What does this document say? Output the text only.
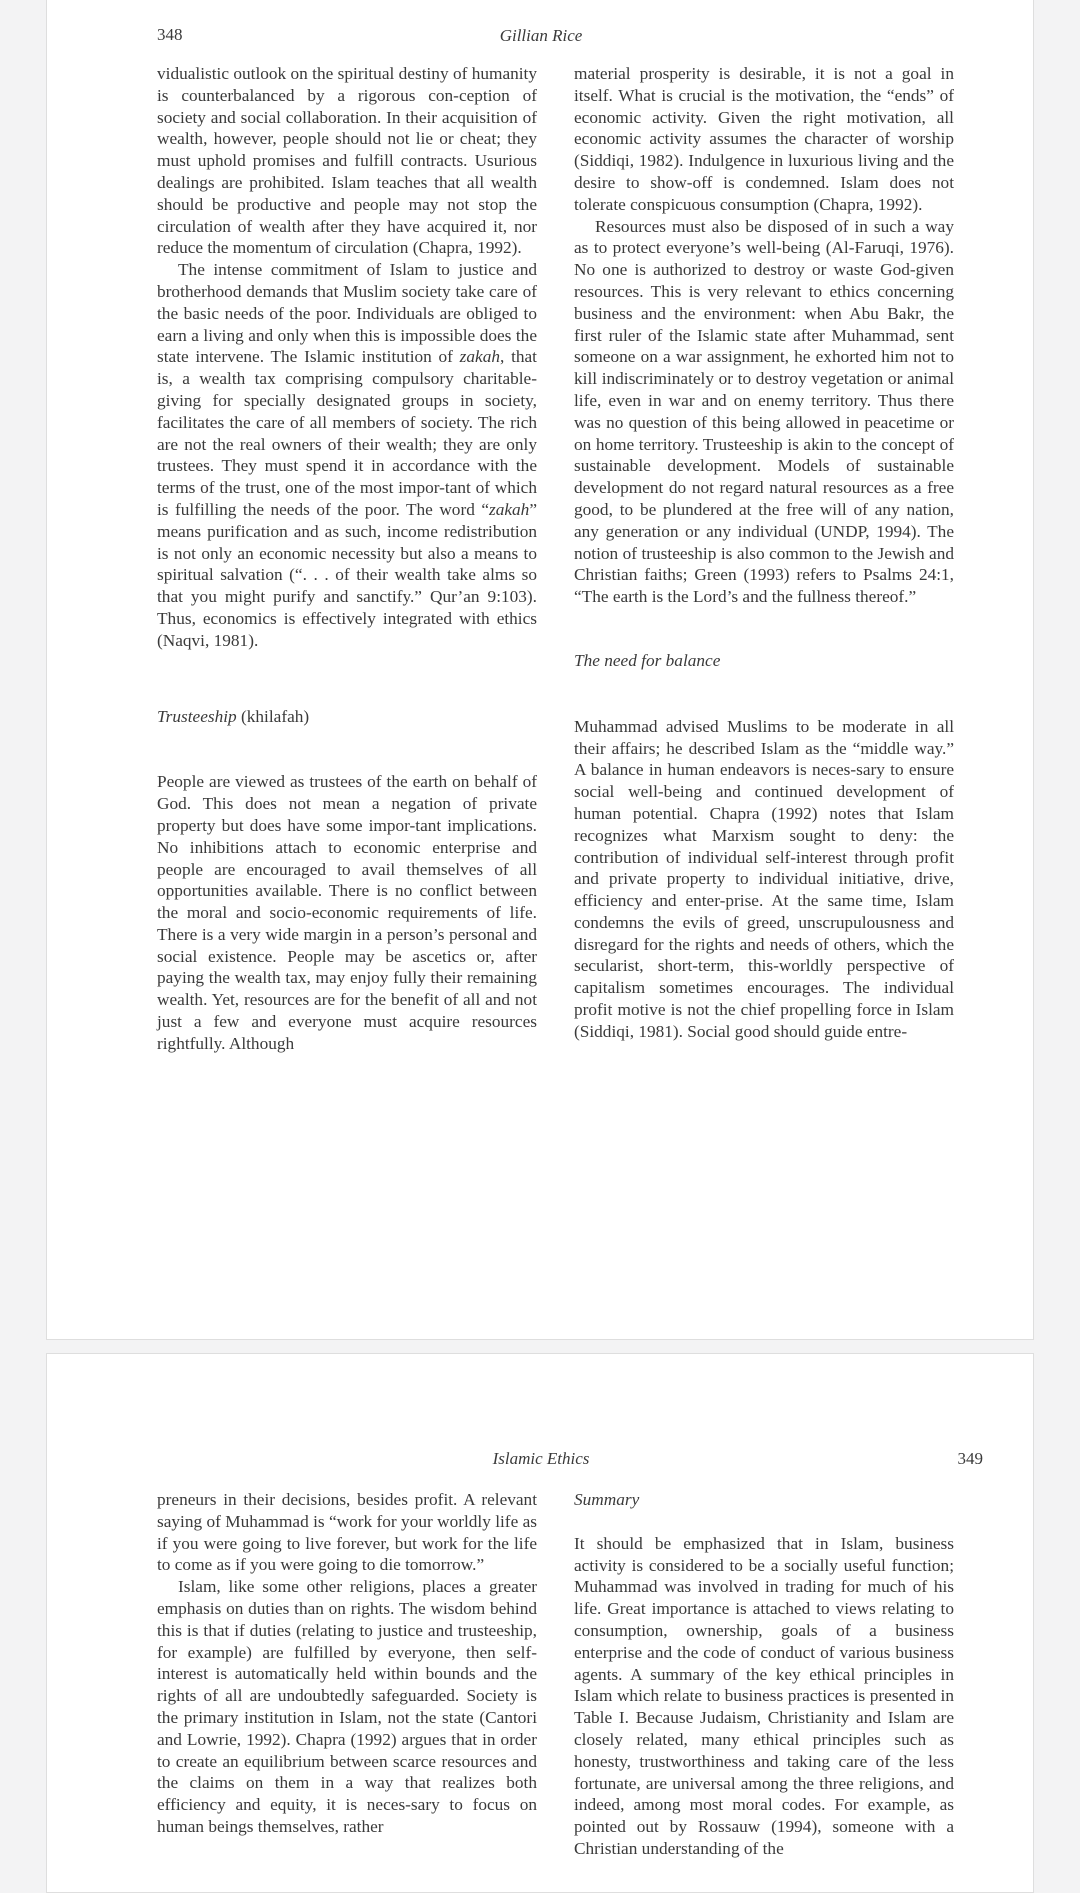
348	Gillian Rice

vidualistic outlook on the spiritual destiny of humanity is counterbalanced by a rigorous con-ception of society and social collaboration. In their acquisition of wealth, however, people should not lie or cheat; they must uphold promises and fulfill contracts. Usurious dealings are prohibited. Islam teaches that all wealth should be productive and people may not stop the circulation of wealth after they have acquired it, nor reduce the momentum of circulation (Chapra, 1992).

The intense commitment of Islam to justice and brotherhood demands that Muslim society take care of the basic needs of the poor. Individuals are obliged to earn a living and only when this is impossible does the state intervene. The Islamic institution of zakah, that is, a wealth tax comprising compulsory charitable-giving for specially designated groups in society, facilitates the care of all members of society. The rich are not the real owners of their wealth; they are only trustees. They must spend it in accordance with the terms of the trust, one of the most impor-tant of which is fulfilling the needs of the poor. The word “zakah” means purification and as such, income redistribution is not only an economic necessity but also a means to spiritual salvation (“. . . of their wealth take alms so that you might purify and sanctify.” Qur’an 9:103). Thus, economics is effectively integrated with ethics (Naqvi, 1981).

Trusteeship (khilafah)

People are viewed as trustees of the earth on behalf of God. This does not mean a negation of private property but does have some impor-tant implications. No inhibitions attach to economic enterprise and people are encouraged to avail themselves of all opportunities available. There is no conflict between the moral and socio-economic requirements of life. There is a very wide margin in a person’s personal and social existence. People may be ascetics or, after paying the wealth tax, may enjoy fully their remaining wealth. Yet, resources are for the benefit of all and not just a few and everyone must acquire resources rightfully. Although

material prosperity is desirable, it is not a goal in itself. What is crucial is the motivation, the “ends” of economic activity. Given the right motivation, all economic activity assumes the character of worship (Siddiqi, 1982). Indulgence in luxurious living and the desire to show-off is condemned. Islam does not tolerate conspicuous consumption (Chapra, 1992).

Resources must also be disposed of in such a way as to protect everyone’s well-being (Al-Faruqi, 1976). No one is authorized to destroy or waste God-given resources. This is very relevant to ethics concerning business and the environment: when Abu Bakr, the first ruler of the Islamic state after Muhammad, sent someone on a war assignment, he exhorted him not to kill indiscriminately or to destroy vegetation or animal life, even in war and on enemy territory. Thus there was no question of this being allowed in peacetime or on home territory. Trusteeship is akin to the concept of sustainable development. Models of sustainable development do not regard natural resources as a free good, to be plundered at the free will of any nation, any generation or any individual (UNDP, 1994). The notion of trusteeship is also common to the Jewish and Christian faiths; Green (1993) refers to Psalms 24:1, “The earth is the Lord’s and the fullness thereof.”

The need for balance

Muhammad advised Muslims to be moderate in all their affairs; he described Islam as the “middle way.” A balance in human endeavors is neces-sary to ensure social well-being and continued development of human potential. Chapra (1992) notes that Islam recognizes what Marxism sought to deny: the contribution of individual self-interest through profit and private property to individual initiative, drive, efficiency and enter-prise. At the same time, Islam condemns the evils of greed, unscrupulousness and disregard for the rights and needs of others, which the secularist, short-term, this-worldly perspective of capitalism sometimes encourages. The individual profit motive is not the chief propelling force in Islam (Siddiqi, 1981). Social good should guide entre-

Islamic Ethics	349

preneurs in their decisions, besides profit. A relevant saying of Muhammad is “work for your worldly life as if you were going to live forever, but work for the life to come as if you were going to die tomorrow.”

Islam, like some other religions, places a greater emphasis on duties than on rights. The wisdom behind this is that if duties (relating to justice and trusteeship, for example) are fulfilled by everyone, then self-interest is automatically held within bounds and the rights of all are undoubtedly safeguarded. Society is the primary institution in Islam, not the state (Cantori and Lowrie, 1992). Chapra (1992) argues that in order to create an equilibrium between scarce resources and the claims on them in a way that realizes both efficiency and equity, it is neces-sary to focus on human beings themselves, rather

Summary

It should be emphasized that in Islam, business activity is considered to be a socially useful function; Muhammad was involved in trading for much of his life. Great importance is attached to views relating to consumption, ownership, goals of a business enterprise and the code of conduct of various business agents. A summary of the key ethical principles in Islam which relate to business practices is presented in Table I. Because Judaism, Christianity and Islam are closely related, many ethical principles such as honesty, trustworthiness and taking care of the less fortunate, are universal among the three religions, and indeed, among most moral codes. For example, as pointed out by Rossauw (1994), someone with a Christian understanding of the
